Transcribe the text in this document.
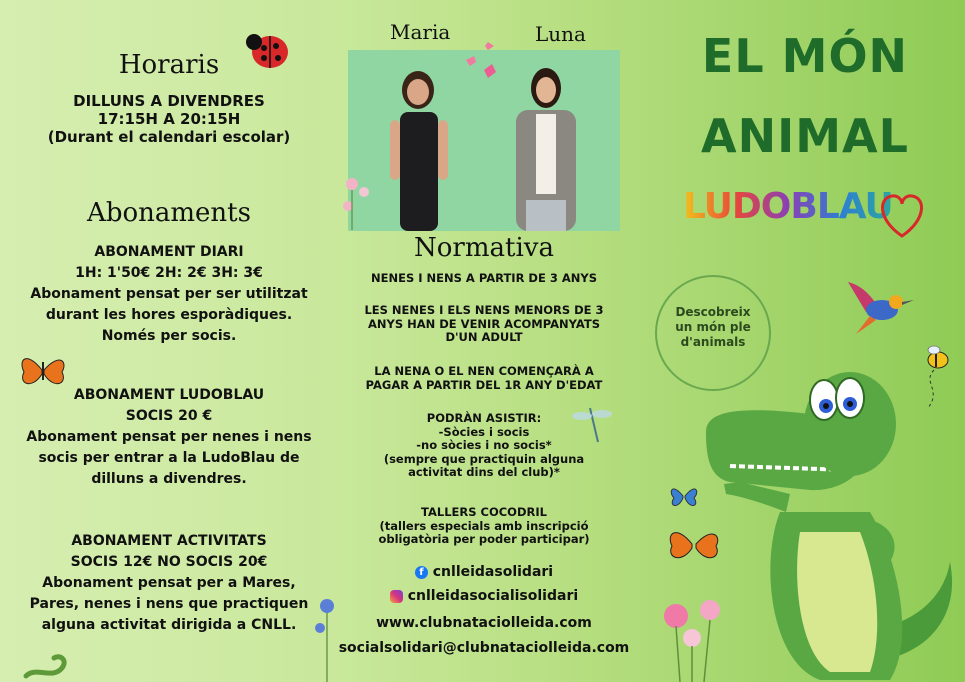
Horaris
DILLUNS A DIVENDRES
17:15H A 20:15H
(Durant el calendari escolar)
Abonaments
ABONAMENT DIARI
1H: 1'50€ 2H: 2€ 3H: 3€
Abonament pensat per ser utilitzat
durant les hores esporàdiques.
Només per socis.
ABONAMENT LUDOBLAU
SOCIS 20 €
Abonament pensat per nenes i nens
socis per entrar a la LudoBlau de
dilluns a divendres.
ABONAMENT ACTIVITATS
SOCIS 12€ NO SOCIS 20€
Abonament pensat per a Mares,
Pares, nenes i nens que practiquen
alguna activitat dirigida a CNLL.
Maria	Luna
Normativa
NENES I NENS A PARTIR DE 3 ANYS
LES NENES I ELS NENS MENORS DE 3
ANYS HAN DE VENIR ACOMPANYATS
D'UN ADULT
LA NENA O EL NEN COMENÇARÀ A
PAGAR A PARTIR DEL 1R ANY D'EDAT
PODRÀN ASISTIR:
-Sòcies i socis
-no sòcies i no socis*
(sempre que practiquin alguna
activitat dins del club)*
TALLERS COCODRIL
(tallers especials amb inscripció
obligatòria per poder participar)
f cnlleidasolidari
cnlleidasocialisolidari
www.clubnataciolleida.com
socialsolidari@clubnataciolleida.com
EL MÓN
ANIMAL
LUDOBLAU
Descobreix
un món ple
d'animals
